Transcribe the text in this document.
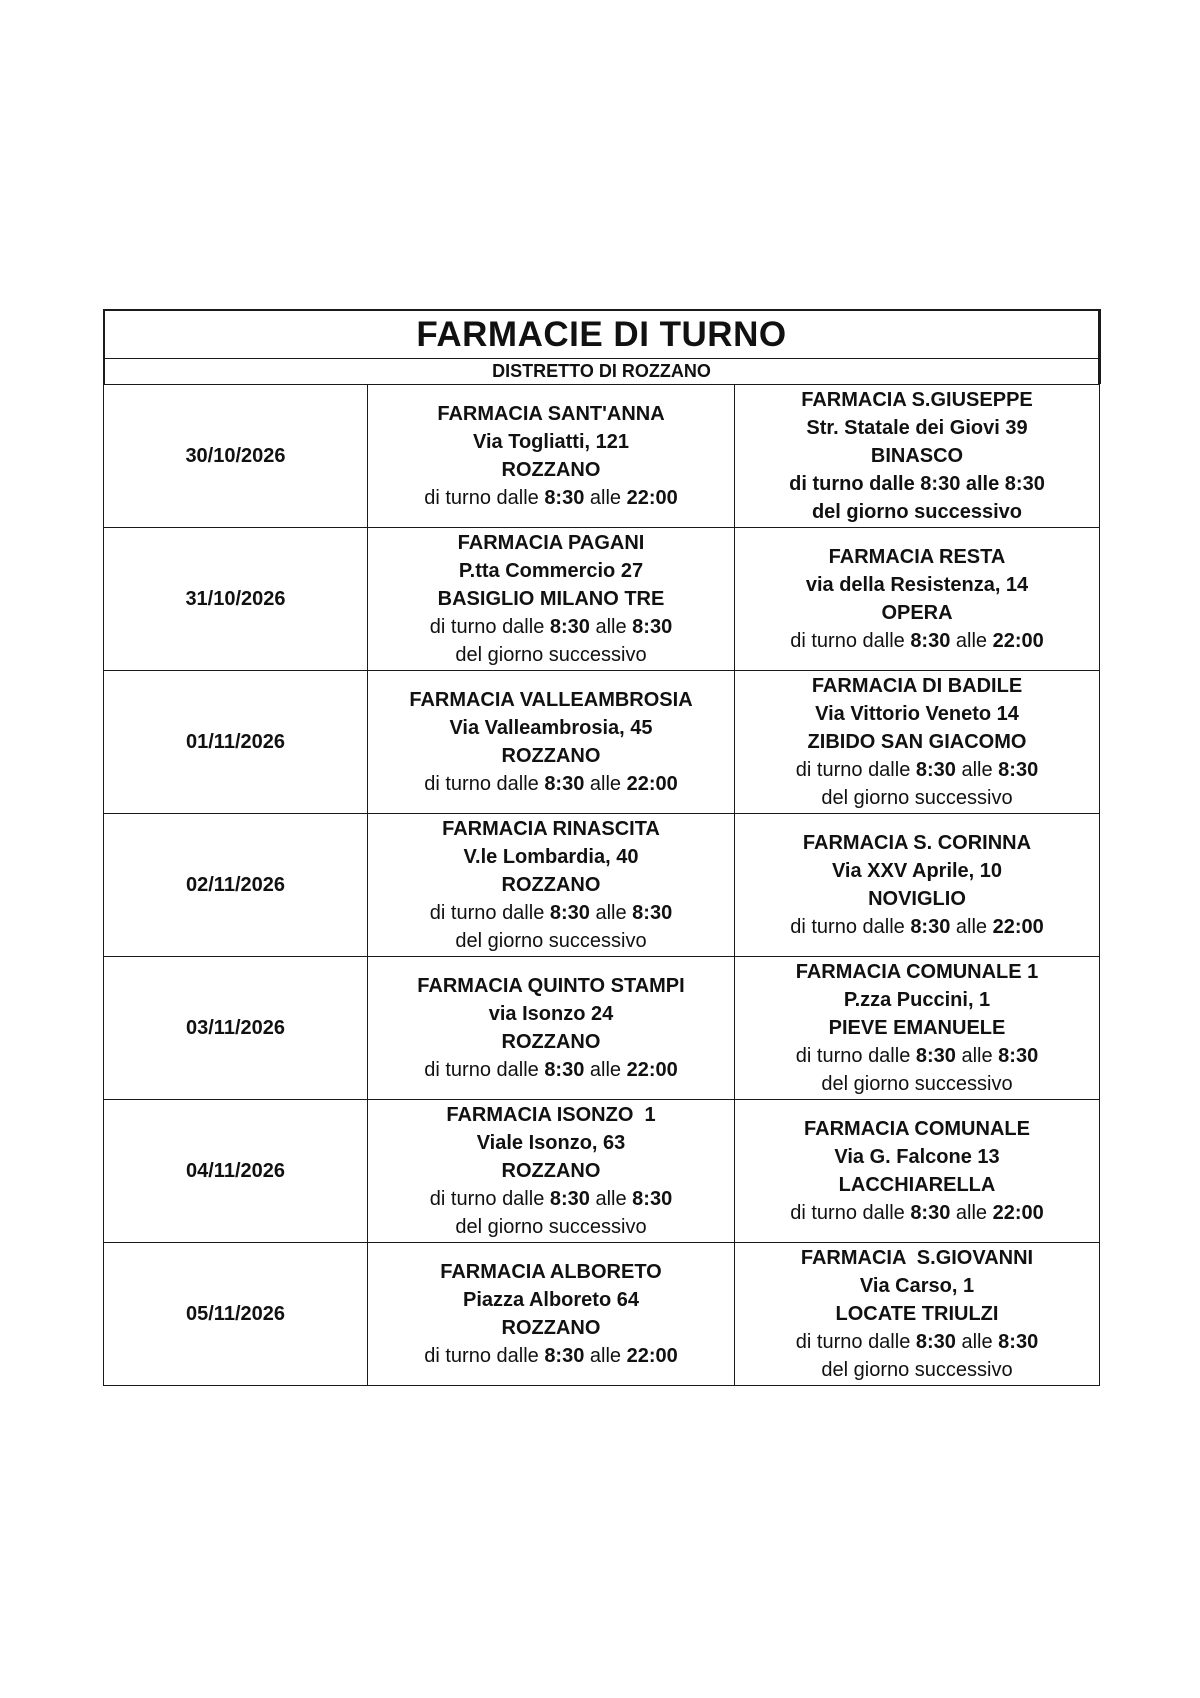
FARMACIE DI TURNO
DISTRETTO DI ROZZANO
30/10/2026	FARMACIA SANT'ANNA
Via Togliatti, 121
ROZZANO
di turno dalle 8:30 alle 22:00	FARMACIA S.GIUSEPPE
Str. Statale dei Giovi 39
BINASCO
di turno dalle 8:30 alle 8:30
del giorno successivo

31/10/2026	FARMACIA PAGANI
P.tta Commercio 27
BASIGLIO MILANO TRE
di turno dalle 8:30 alle 8:30
del giorno successivo	FARMACIA RESTA
via della Resistenza, 14
OPERA
di turno dalle 8:30 alle 22:00

01/11/2026	FARMACIA VALLEAMBROSIA
Via Valleambrosia, 45
ROZZANO
di turno dalle 8:30 alle 22:00	FARMACIA DI BADILE
Via Vittorio Veneto 14
ZIBIDO SAN GIACOMO
di turno dalle 8:30 alle 8:30
del giorno successivo

02/11/2026	FARMACIA RINASCITA
V.le Lombardia, 40
ROZZANO
di turno dalle 8:30 alle 8:30
del giorno successivo	FARMACIA S. CORINNA
Via XXV Aprile, 10
NOVIGLIO
di turno dalle 8:30 alle 22:00

03/11/2026	FARMACIA QUINTO STAMPI
via Isonzo 24
ROZZANO
di turno dalle 8:30 alle 22:00	FARMACIA COMUNALE 1
P.zza Puccini, 1
PIEVE EMANUELE
di turno dalle 8:30 alle 8:30
del giorno successivo

04/11/2026	FARMACIA ISONZO  1
Viale Isonzo, 63
ROZZANO
di turno dalle 8:30 alle 8:30
del giorno successivo	FARMACIA COMUNALE
Via G. Falcone 13
LACCHIARELLA
di turno dalle 8:30 alle 22:00

05/11/2026	FARMACIA ALBORETO
Piazza Alboreto 64
ROZZANO
di turno dalle 8:30 alle 22:00	FARMACIA  S.GIOVANNI
Via Carso, 1
LOCATE TRIULZI
di turno dalle 8:30 alle 8:30
del giorno successivo
